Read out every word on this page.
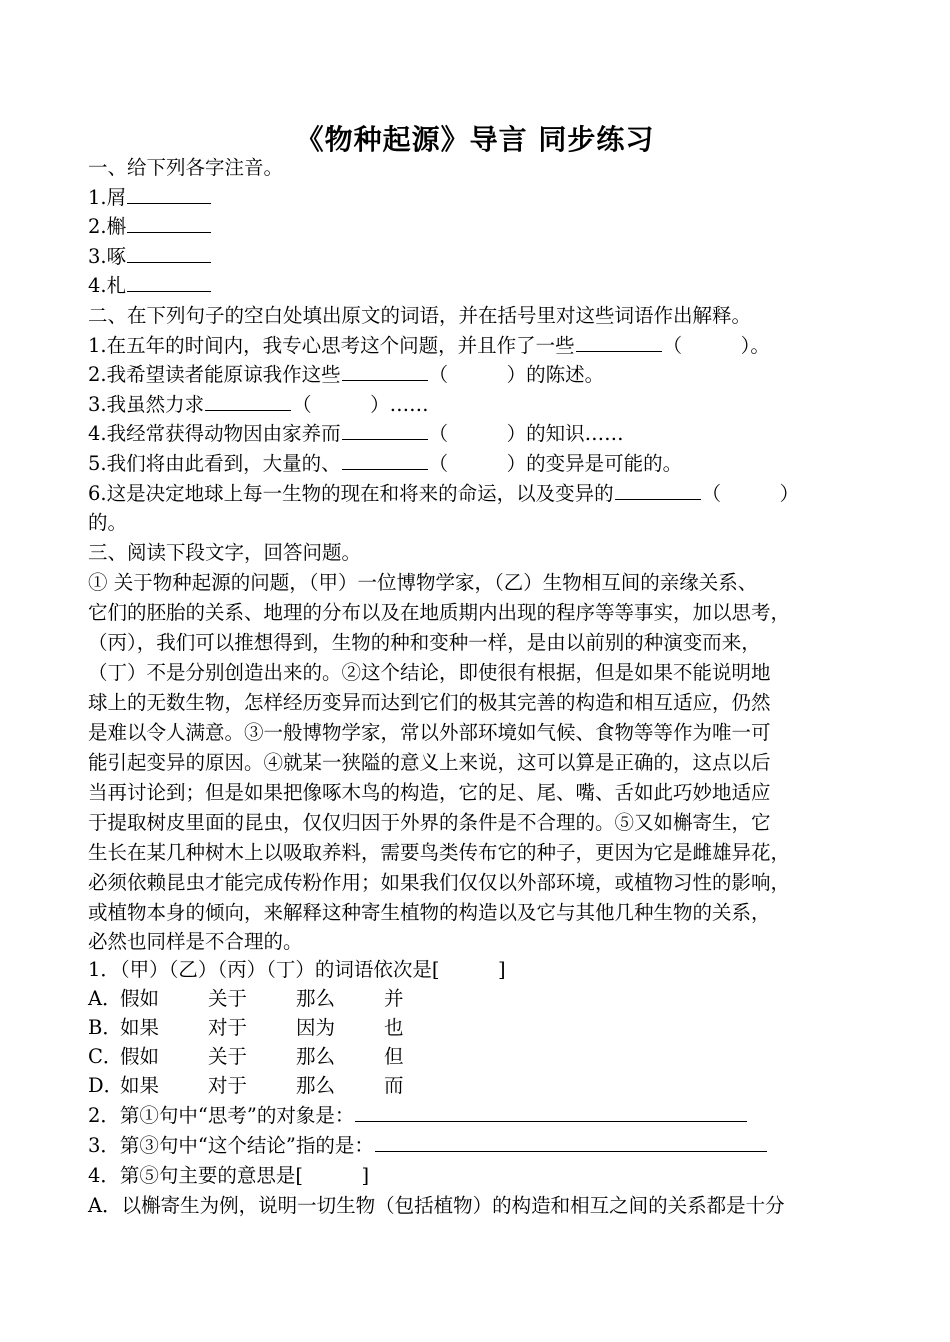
《物种起源》导言 同步练习
一、给下列各字注音。
1.屑
2.槲
3.啄
4.札
二、在下列句子的空白处填出原文的词语，并在括号里对这些词语作出解释。
1.在五年的时间内，我专心思考这个问题，并且作了一些	（　　　）。
2.我希望读者能原谅我作这些	（　　　）的陈述。
3.我虽然力求	（　　　）……
4.我经常获得动物因由家养而	（　　　）的知识……
5.我们将由此看到，大量的、	（　　　）的变异是可能的。
6.这是决定地球上每一生物的现在和将来的命运，以及变异的	（　　　）
的。
三、阅读下段文字，回答问题。
① 关于物种起源的问题，（甲）一位博物学家，（乙）生物相互间的亲缘关系、
它们的胚胎的关系、地理的分布以及在地质期内出现的程序等等事实，加以思考，
（丙），我们可以推想得到，生物的种和变种一样，是由以前别的种演变而来，
（丁）不是分别创造出来的。②这个结论，即使很有根据，但是如果不能说明地
球上的无数生物，怎样经历变异而达到它们的极其完善的构造和相互适应，仍然
是难以令人满意。③一般博物学家，常以外部环境如气候、食物等等作为唯一可
能引起变异的原因。④就某一狭隘的意义上来说，这可以算是正确的，这点以后
当再讨论到；但是如果把像啄木鸟的构造，它的足、尾、嘴、舌如此巧妙地适应
于提取树皮里面的昆虫，仅仅归因于外界的条件是不合理的。⑤又如槲寄生，它
生长在某几种树木上以吸取养料，需要鸟类传布它的种子，更因为它是雌雄异花，
必须依赖昆虫才能完成传粉作用；如果我们仅仅以外部环境，或植物习性的影响，
或植物本身的倾向，来解释这种寄生植物的构造以及它与其他几种生物的关系，
必然也同样是不合理的。
1．（甲）（乙）（丙）（丁）的词语依次是[　　　]
A．假如	关于	那么	并
B．如果	对于	因为	也
C．假如	关于	那么	但
D．如果	对于	那么	而
2．第①句中“思考”的对象是：
3．第③句中“这个结论”指的是：
4．第⑤句主要的意思是[　　　]
A．以槲寄生为例，说明一切生物（包括植物）的构造和相互之间的关系都是十分
